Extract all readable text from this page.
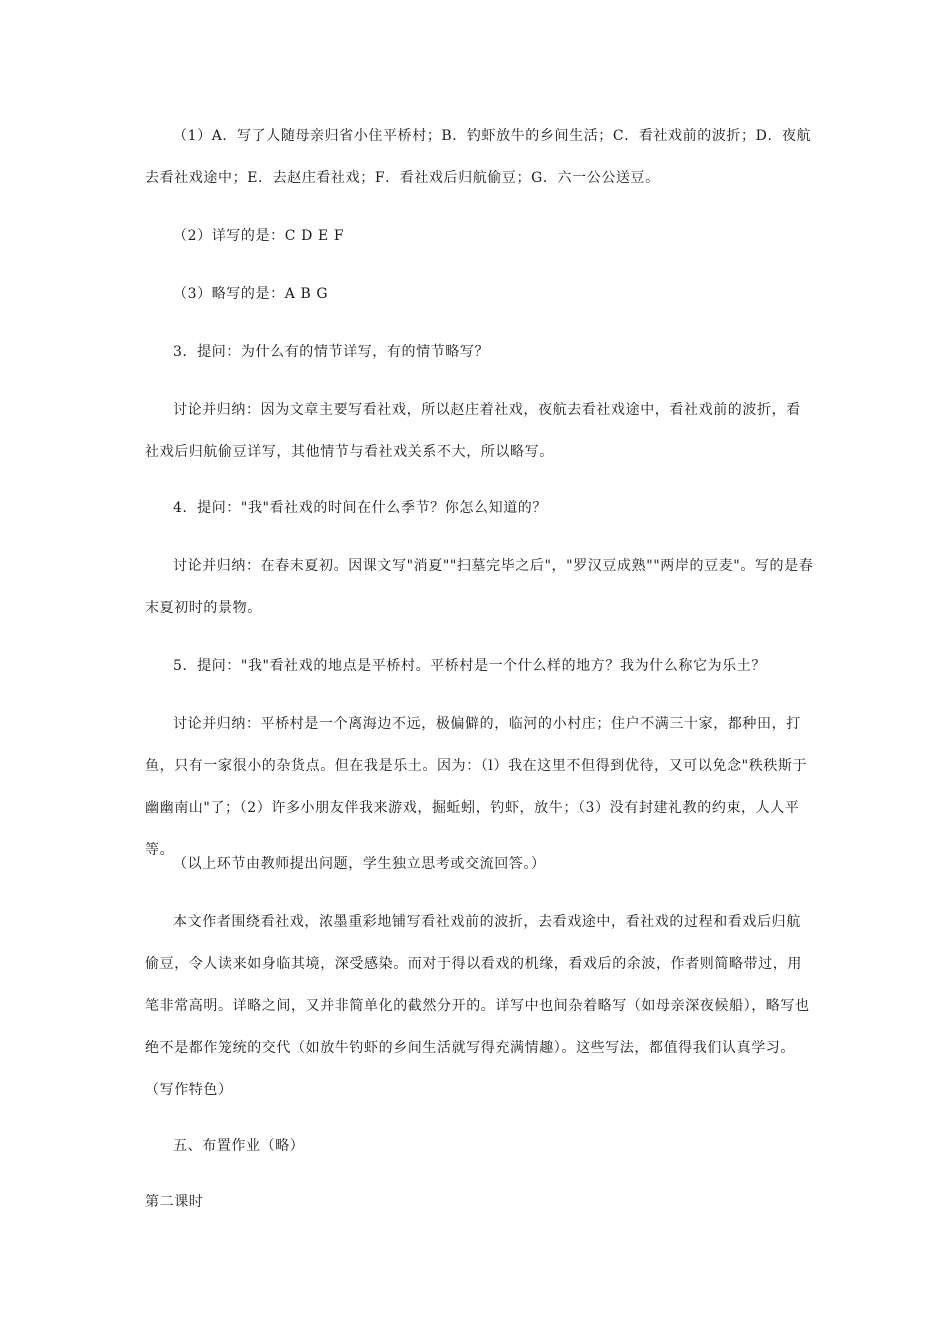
（1）A．写了人随母亲归省小住平桥村；B．钓虾放牛的乡间生活；C．看社戏前的波折；D．夜航去看社戏途中；E．去赵庄看社戏；F．看社戏后归航偷豆；G．六一公公送豆。

（2）详写的是：C D E F

（3）略写的是：A B G

3．提问：为什么有的情节详写，有的情节略写？

讨论并归纳：因为文章主要写看社戏，所以赵庄着社戏，夜航去看社戏途中，看社戏前的波折，看社戏后归航偷豆详写，其他情节与看社戏关系不大，所以略写。

4．提问："我"看社戏的时间在什么季节？你怎么知道的？

讨论并归纳：在春末夏初。因课文写"消夏""扫墓完毕之后"，"罗汉豆成熟""两岸的豆麦"。写的是春末夏初时的景物。

5．提问："我"看社戏的地点是平桥村。平桥村是一个什么样的地方？我为什么称它为乐土？

讨论并归纳：平桥村是一个离海边不远，极偏僻的，临河的小村庄；住户不满三十家，都种田，打鱼，只有一家很小的杂货点。但在我是乐土。因为：（l）我在这里不但得到优待，又可以免念"秩秩斯于幽幽南山"了；（2）许多小朋友伴我来游戏，掘蚯蚓，钓虾，放牛；（3）没有封建礼教的约束，人人平等。

（以上环节由教师提出问题，学生独立思考或交流回答。）

本文作者围绕看社戏，浓墨重彩地铺写看社戏前的波折，去看戏途中，看社戏的过程和看戏后归航偷豆，令人读来如身临其境，深受感染。而对于得以看戏的机缘，看戏后的余波，作者则简略带过，用笔非常高明。详略之间，又并非简单化的截然分开的。详写中也间杂着略写（如母亲深夜候船），略写也绝不是都作笼统的交代（如放牛钓虾的乡间生活就写得充满情趣）。这些写法，都值得我们认真学习。（写作特色）

五、布置作业（略）

第二课时
